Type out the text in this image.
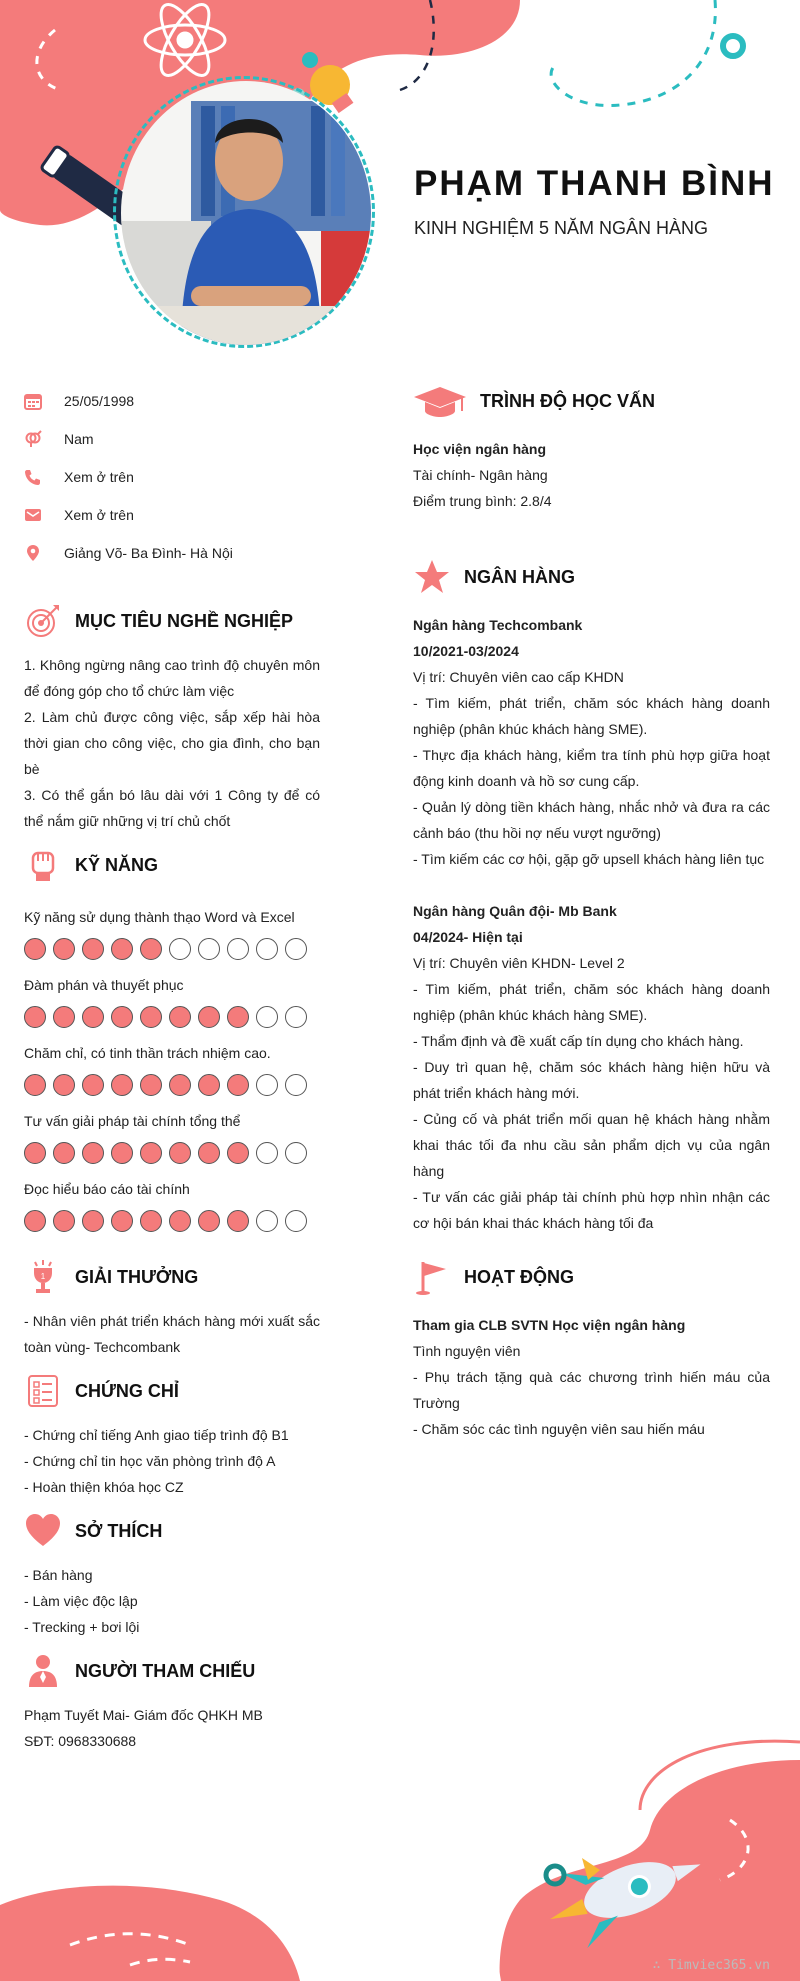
PHẠM THANH BÌNH
KINH NGHIỆM 5 NĂM NGÂN HÀNG
25/05/1998
Nam
Xem ở trên
Xem ở trên
Giảng Võ- Ba Đình- Hà Nội
MỤC TIÊU NGHỀ NGHIỆP

1. Không ngừng nâng cao trình độ chuyên môn để đóng góp cho tổ chức làm việc

2. Làm chủ được công việc, sắp xếp hài hòa thời gian cho công việc, cho gia đình, cho bạn bè

3. Có thể gắn bó lâu dài với 1 Công ty để có thể nắm giữ những vị trí chủ chốt

KỸ NĂNG
Kỹ năng sử dụng thành thạo Word và Excel
Đàm phán và thuyết phục
Chăm chỉ, có tinh thần trách nhiệm cao.
Tư vấn giải pháp tài chính tổng thể
Đọc hiểu báo cáo tài chính
1 GIẢI THƯỞNG

- Nhân viên phát triển khách hàng mới xuất sắc toàn vùng- Techcombank

CHỨNG CHỈ

- Chứng chỉ tiếng Anh giao tiếp trình độ B1

- Chứng chỉ tin học văn phòng trình độ A

- Hoàn thiện khóa học CZ

SỞ THÍCH

- Bán hàng

- Làm việc độc lập

- Trecking + bơi lội

NGƯỜI THAM CHIẾU

Phạm Tuyết Mai- Giám đốc QHKH MB

SĐT: 0968330688

TRÌNH ĐỘ HỌC VẤN

Học viện ngân hàng

Tài chính- Ngân hàng

Điểm trung bình: 2.8/4

NGÂN HÀNG

Ngân hàng Techcombank

10/2021-03/2024

Vị trí: Chuyên viên cao cấp KHDN

- Tìm kiếm, phát triển, chăm sóc khách hàng doanh nghiệp (phân khúc khách hàng SME).

- Thực địa khách hàng, kiểm tra tính phù hợp giữa hoạt động kinh doanh và hồ sơ cung cấp.

- Quản lý dòng tiền khách hàng, nhắc nhở và đưa ra các cảnh báo (thu hồi nợ nếu vượt ngưỡng)

- Tìm kiếm các cơ hội, gặp gỡ upsell khách hàng liên tục

Ngân hàng Quân đội- Mb Bank

04/2024- Hiện tại

Vị trí: Chuyên viên KHDN- Level 2

- Tìm kiếm, phát triển, chăm sóc khách hàng doanh nghiệp (phân khúc khách hàng SME).

- Thẩm định và đề xuất cấp tín dụng cho khách hàng.

- Duy trì quan hệ, chăm sóc khách hàng hiện hữu và phát triển khách hàng mới.

- Củng cố và phát triển mối quan hệ khách hàng nhằm khai thác tối đa nhu cầu sản phẩm dịch vụ của ngân hàng

- Tư vấn các giải pháp tài chính phù hợp nhìn nhận các cơ hội bán khai thác khách hàng tối đa

HOẠT ĐỘNG

Tham gia CLB SVTN Học viện ngân hàng

Tình nguyện viên

- Phụ trách tặng quà các chương trình hiến máu của Trường

- Chăm sóc các tình nguyện viên sau hiến máu

∴ Timviec365.vn
